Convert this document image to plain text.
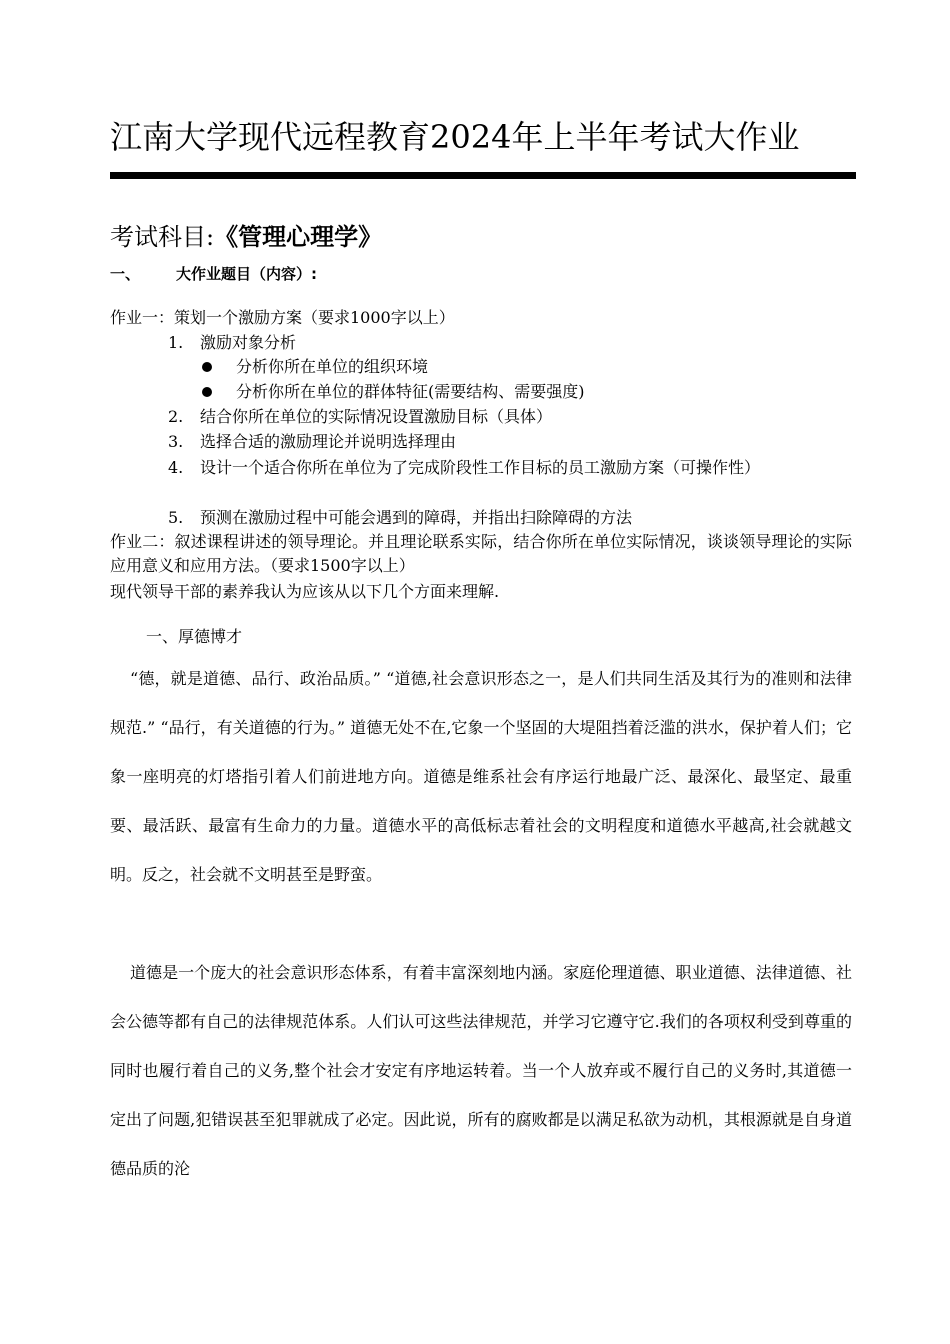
江南大学现代远程教育2024年上半年考试大作业
考试科目:《管理心理学》
一、 大作业题目（内容）:
作业一：策划一个激励方案（要求1000字以上）
1.	激励对象分析
分析你所在单位的组织环境
分析你所在单位的群体特征(需要结构、需要强度)
2.	结合你所在单位的实际情况设置激励目标（具体）
3.	选择合适的激励理论并说明选择理由
4.	设计一个适合你所在单位为了完成阶段性工作目标的员工激励方案（可操作性）
5.	预测在激励过程中可能会遇到的障碍，并指出扫除障碍的方法
作业二：叙述课程讲述的领导理论。并且理论联系实际，结合你所在单位实际情况，谈谈领导理论的实际应用意义和应用方法。（要求1500字以上）
现代领导干部的素养我认为应该从以下几个方面来理解.
一、厚德博才
“德，就是道德、品行、政治品质。” “道德,社会意识形态之一，是人们共同生活及其行为的准则和法律规范.” “品行，有关道德的行为。” 道德无处不在,它象一个坚固的大堤阻挡着泛滥的洪水，保护着人们；它象一座明亮的灯塔指引着人们前进地方向。道德是维系社会有序运行地最广泛、最深化、最坚定、最重要、最活跃、最富有生命力的力量。道德水平的高低标志着社会的文明程度和道德水平越高,社会就越文明。反之，社会就不文明甚至是野蛮。
道德是一个庞大的社会意识形态体系，有着丰富深刻地内涵。家庭伦理道德、职业道德、法律道德、社会公德等都有自己的法律规范体系。人们认可这些法律规范，并学习它遵守它.我们的各项权利受到尊重的同时也履行着自己的义务,整个社会才安定有序地运转着。当一个人放弃或不履行自己的义务时,其道德一定出了问题,犯错误甚至犯罪就成了必定。因此说，所有的腐败都是以满足私欲为动机，其根源就是自身道德品质的沦
